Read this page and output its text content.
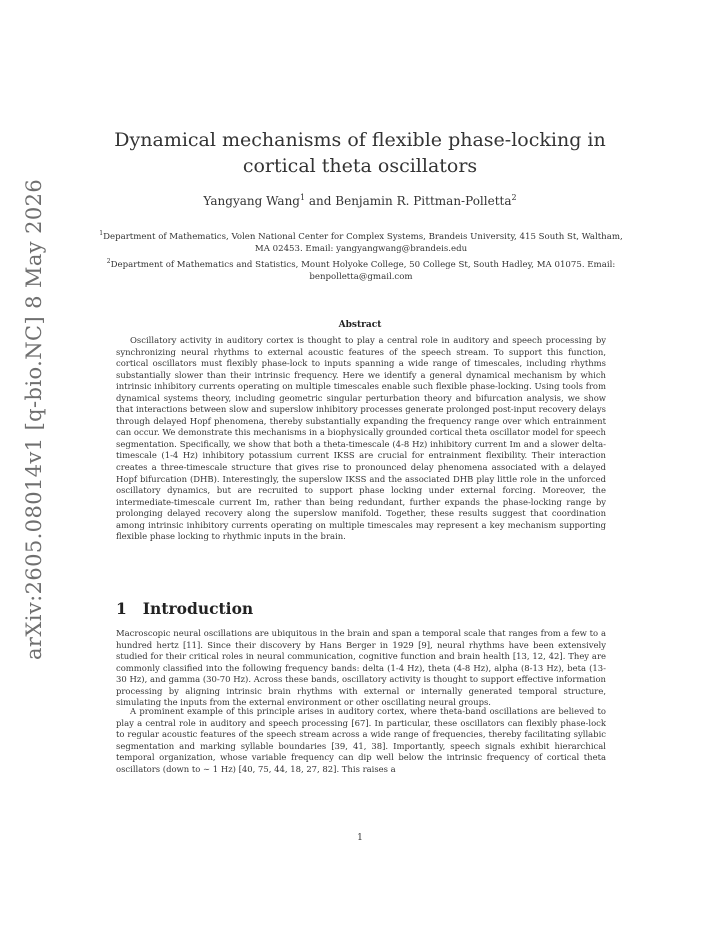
arXiv:2605.08014v1 [q-bio.NC] 8 May 2026
Dynamical mechanisms of flexible phase-locking in cortical theta oscillators
Yangyang Wang$^1$ and Benjamin R. Pittman-Polletta$^2$
$^1$Department of Mathematics, Volen National Center for Complex Systems, Brandeis University, 415 South St, Waltham, MA 02453. Email: yangyangwang@brandeis.edu
$^2$Department of Mathematics and Statistics, Mount Holyoke College, 50 College St, South Hadley, MA 01075. Email: benpolletta@gmail.com
Abstract
Oscillatory activity in auditory cortex is thought to play a central role in auditory and speech processing by synchronizing neural rhythms to external acoustic features of the speech stream. To support this function, cortical oscillators must flexibly phase-lock to inputs spanning a wide range of timescales, including rhythms substantially slower than their intrinsic frequency. Here we identify a general dynamical mechanism by which intrinsic inhibitory currents operating on multiple timescales enable such flexible phase-locking. Using tools from dynamical systems theory, including geometric singular perturbation theory and bifurcation analysis, we show that interactions between slow and superslow inhibitory processes generate prolonged post-input recovery delays through delayed Hopf phenomena, thereby substantially expanding the frequency range over which entrainment can occur. We demonstrate this mechanisms in a biophysically grounded cortical theta oscillator model for speech segmentation. Specifically, we show that both a theta-timescale (4-8 Hz) inhibitory current Im and a slower delta-timescale (1-4 Hz) inhibitory potassium current IKSS are crucial for entrainment flexibility. Their interaction creates a three-timescale structure that gives rise to pronounced delay phenomena associated with a delayed Hopf bifurcation (DHB). Interestingly, the superslow IKSS and the associated DHB play little role in the unforced oscillatory dynamics, but are recruited to support phase locking under external forcing. Moreover, the intermediate-timescale current Im, rather than being redundant, further expands the phase-locking range by prolonging delayed recovery along the superslow manifold. Together, these results suggest that coordination among intrinsic inhibitory currents operating on multiple timescales may represent a key mechanism supporting flexible phase locking to rhythmic inputs in the brain.
1 Introduction
Macroscopic neural oscillations are ubiquitous in the brain and span a temporal scale that ranges from a few to a hundred hertz [11]. Since their discovery by Hans Berger in 1929 [9], neural rhythms have been extensively studied for their critical roles in neural communication, cognitive function and brain health [13, 12, 42]. They are commonly classified into the following frequency bands: delta (1-4 Hz), theta (4-8 Hz), alpha (8-13 Hz), beta (13-30 Hz), and gamma (30-70 Hz). Across these bands, oscillatory activity is thought to support effective information processing by aligning intrinsic brain rhythms with external or internally generated temporal structure, simulating the inputs from the external environment or other oscillating neural groups.
A prominent example of this principle arises in auditory cortex, where theta-band oscillations are believed to play a central role in auditory and speech processing [67]. In particular, these oscillators can flexibly phase-lock to regular acoustic features of the speech stream across a wide range of frequencies, thereby facilitating syllabic segmentation and marking syllable boundaries [39, 41, 38]. Importantly, speech signals exhibit hierarchical temporal organization, whose variable frequency can dip well below the intrinsic frequency of cortical theta oscillators (down to ∼ 1 Hz) [40, 75, 44, 18, 27, 82]. This raises a
1
